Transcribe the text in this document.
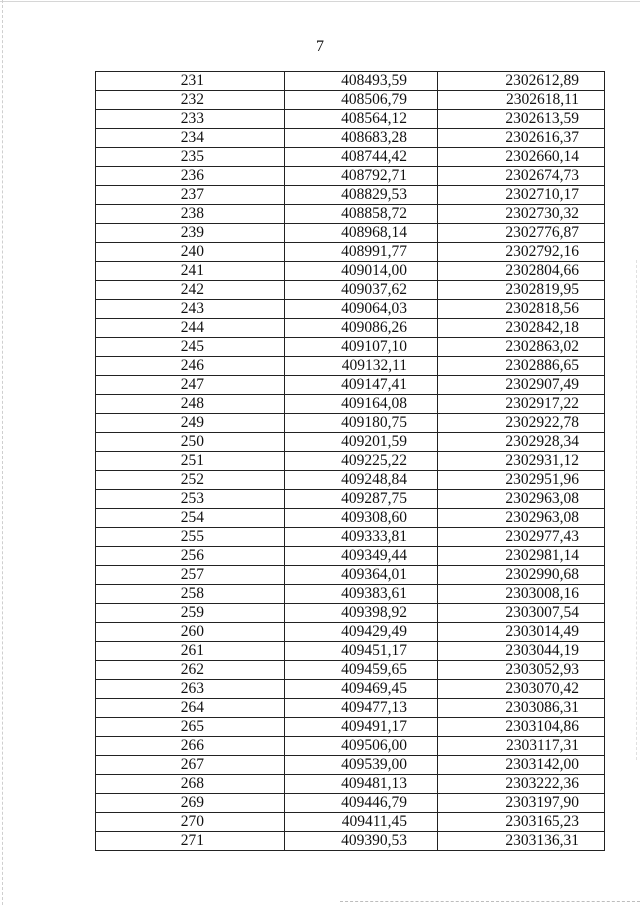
7
231	408493,59	2302612,89
232	408506,79	2302618,11
233	408564,12	2302613,59
234	408683,28	2302616,37
235	408744,42	2302660,14
236	408792,71	2302674,73
237	408829,53	2302710,17
238	408858,72	2302730,32
239	408968,14	2302776,87
240	408991,77	2302792,16
241	409014,00	2302804,66
242	409037,62	2302819,95
243	409064,03	2302818,56
244	409086,26	2302842,18
245	409107,10	2302863,02
246	409132,11	2302886,65
247	409147,41	2302907,49
248	409164,08	2302917,22
249	409180,75	2302922,78
250	409201,59	2302928,34
251	409225,22	2302931,12
252	409248,84	2302951,96
253	409287,75	2302963,08
254	409308,60	2302963,08
255	409333,81	2302977,43
256	409349,44	2302981,14
257	409364,01	2302990,68
258	409383,61	2303008,16
259	409398,92	2303007,54
260	409429,49	2303014,49
261	409451,17	2303044,19
262	409459,65	2303052,93
263	409469,45	2303070,42
264	409477,13	2303086,31
265	409491,17	2303104,86
266	409506,00	2303117,31
267	409539,00	2303142,00
268	409481,13	2303222,36
269	409446,79	2303197,90
270	409411,45	2303165,23
271	409390,53	2303136,31
